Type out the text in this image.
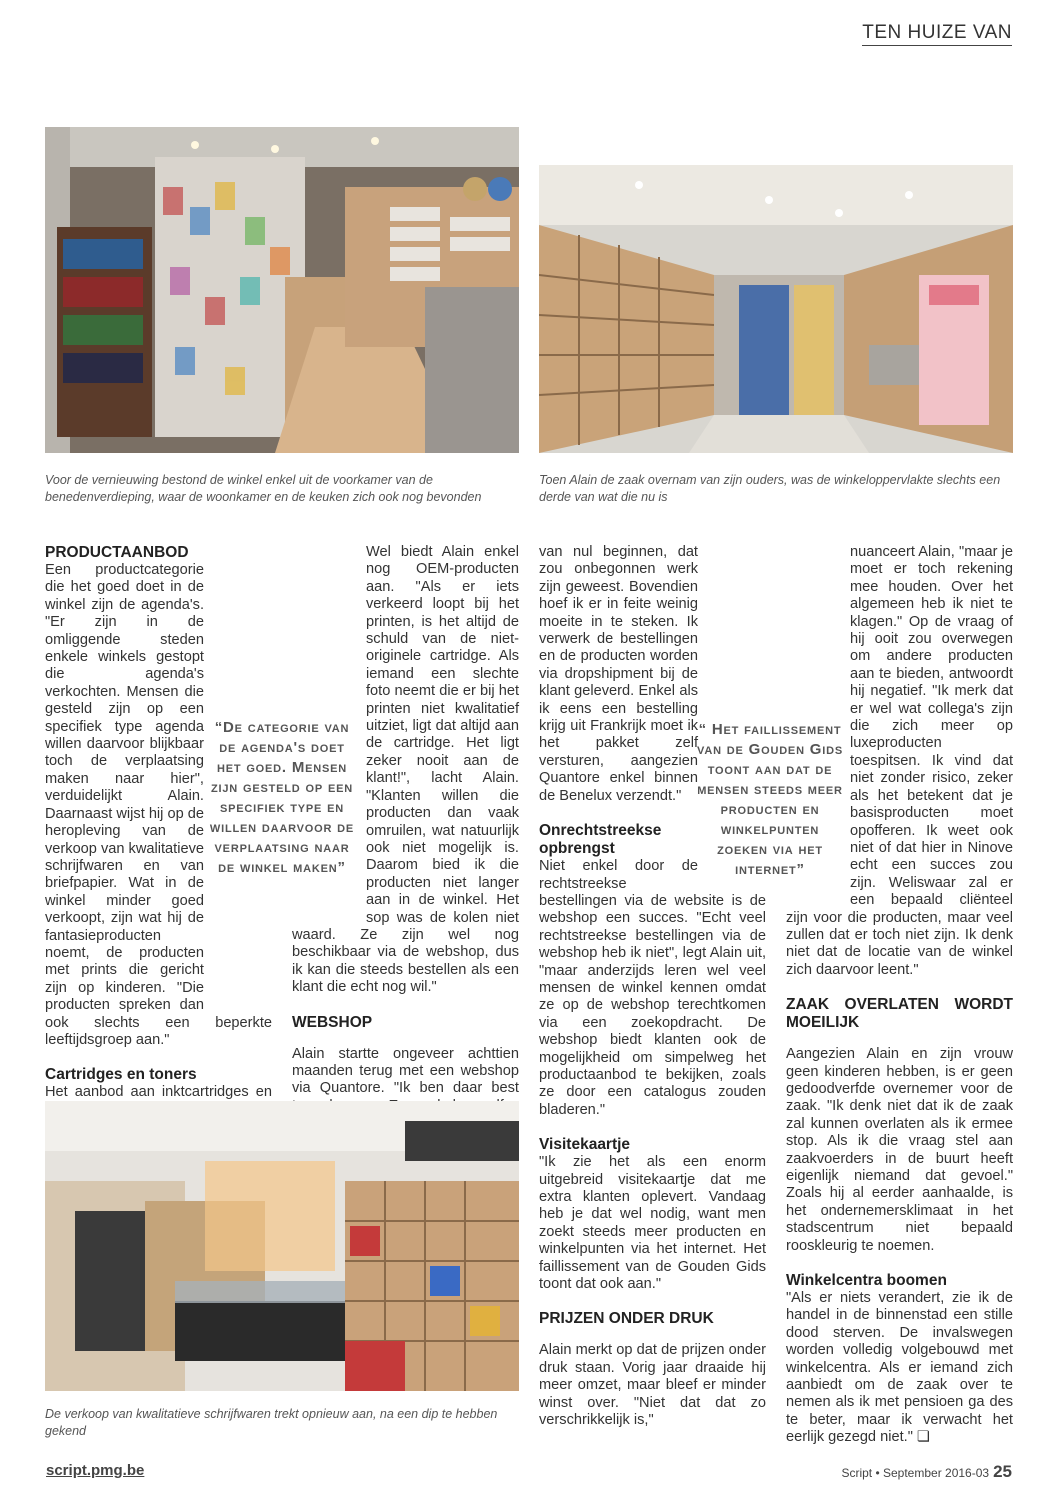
TEN HUIZE VAN
Voor de vernieuwing bestond de winkel enkel uit de voorkamer van de benedenverdieping, waar de woonkamer en de keuken zich ook nog bevonden
Toen Alain de zaak overnam van zijn ouders, was de winkeloppervlakte slechts een derde van wat die nu is

PRODUCTAANBOD

Een productcategorie die het goed doet in de winkel zijn de agenda's. "Er zijn in de omliggende steden enkele winkels gestopt die agenda's verkochten. Mensen die gesteld zijn op een specifiek type agenda willen daarvoor blijkbaar toch de verplaatsing maken naar hier", verduidelijkt Alain. Daarnaast wijst hij op de heropleving van de verkoop van kwalitatieve schrijfwaren en van briefpapier. Wat in de winkel minder goed verkoopt, zijn wat hij de fantasieproducten noemt, de producten met prints die gericht zijn op kinderen. "Die producten spreken dan ook slechts een beperkte leeftijdsgroep aan."

Cartridges en toners

Het aanbod aan inktcartridges en

“De categorie van de agenda's doet het goed. Mensen zijn gesteld op een specifiek type en willen daarvoor de verplaatsing naar de winkel maken”

Wel biedt Alain enkel nog OEM-producten aan. "Als er iets verkeerd loopt bij het printen, is het altijd de schuld van de niet-originele cartridge. Als iemand een slechte foto neemt die er bij het printen niet kwalitatief uitziet, ligt dat altijd aan de cartridge. Het ligt zeker nooit aan de klant!", lacht Alain. "Klanten willen die producten dan vaak omruilen, wat natuurlijk ook niet mogelijk is. Daarom bied ik die producten niet langer aan in de winkel. Het sop was de kolen niet waard. Ze zijn wel nog beschikbaar via de webshop, dus ik kan die steeds bestellen als een klant die echt nog wil."

WEBSHOP

Alain startte ongeveer achttien maanden terug met een webshop via Quantore. "Ik ben daar best

De verkoop van kwalitatieve schrijfwaren trekt opnieuw aan, na een dip te hebben gekend

van nul beginnen, dat zou onbegonnen werk zijn geweest. Bovendien hoef ik er in feite weinig moeite in te steken. Ik verwerk de bestellingen en de producten worden via dropshipment bij de klant geleverd. Enkel als ik eens een bestelling krijg uit Frankrijk moet ik het pakket zelf versturen, aangezien Quantore enkel binnen de Benelux verzendt."

Onrechtstreekse opbrengst

Niet enkel door de rechtstreekse bestellingen via de website is de webshop een succes. "Echt veel rechtstreekse bestellingen via de webshop heb ik niet", legt Alain uit, "maar anderzijds leren wel veel mensen de winkel kennen omdat ze op de webshop terechtkomen via een zoekopdracht. De webshop biedt klanten ook de mogelijkheid om simpelweg het productaanbod te bekijken, zoals ze door een catalogus zouden bladeren."

Visitekaartje

"Ik zie het als een enorm uitgebreid visitekaartje dat me extra klanten oplevert. Vandaag heb je dat wel nodig, want men zoekt steeds meer producten en winkelpunten via het internet. Het faillissement van de Gouden Gids toont dat ook aan."

PRIJZEN ONDER DRUK

Alain merkt op dat de prijzen onder druk staan. Vorig jaar draaide hij meer omzet, maar bleef er minder winst over. "Niet dat dat zo verschrikkelijk is,"

“ Het faillissement van de Gouden Gids toont aan dat de mensen steeds meer producten en winkelpunten zoeken via het internet”

nuanceert Alain, "maar je moet er toch rekening mee houden. Over het algemeen heb ik niet te klagen." Op de vraag of hij ooit zou overwegen om andere producten aan te bieden, antwoordt hij negatief. "Ik merk dat er wel wat collega's zijn die zich meer op luxeproducten toespitsen. Ik vind dat niet zonder risico, zeker als het betekent dat je basisproducten moet opofferen. Ik weet ook niet of dat hier in Ninove echt een succes zou zijn. Weliswaar zal er een bepaald cliënteel zijn voor die producten, maar veel zullen dat er toch niet zijn. Ik denk niet dat de locatie van de winkel zich daarvoor leent."

ZAAK OVERLATEN WORDT MOEILIJK

Aangezien Alain en zijn vrouw geen kinderen hebben, is er geen gedoodverfde overnemer voor de zaak. "Ik denk niet dat ik de zaak zal kunnen overlaten als ik ermee stop. Als ik die vraag stel aan zaakvoerders in de buurt heeft eigenlijk niemand dat gevoel." Zoals hij al eerder aanhaalde, is het ondernemersklimaat in het stadscentrum niet bepaald rooskleurig te noemen.

Winkelcentra boomen

"Als er niets verandert, zie ik de handel in de binnenstad een stille dood sterven. De invalswegen worden volledig volgebouwd met winkelcentra. Als er iemand zich aanbiedt om de zaak over te nemen als ik met pensioen ga des te beter, maar ik verwacht het eerlijk gezegd niet." ❏

script.pmg.be	Script • September 2016-03 25
